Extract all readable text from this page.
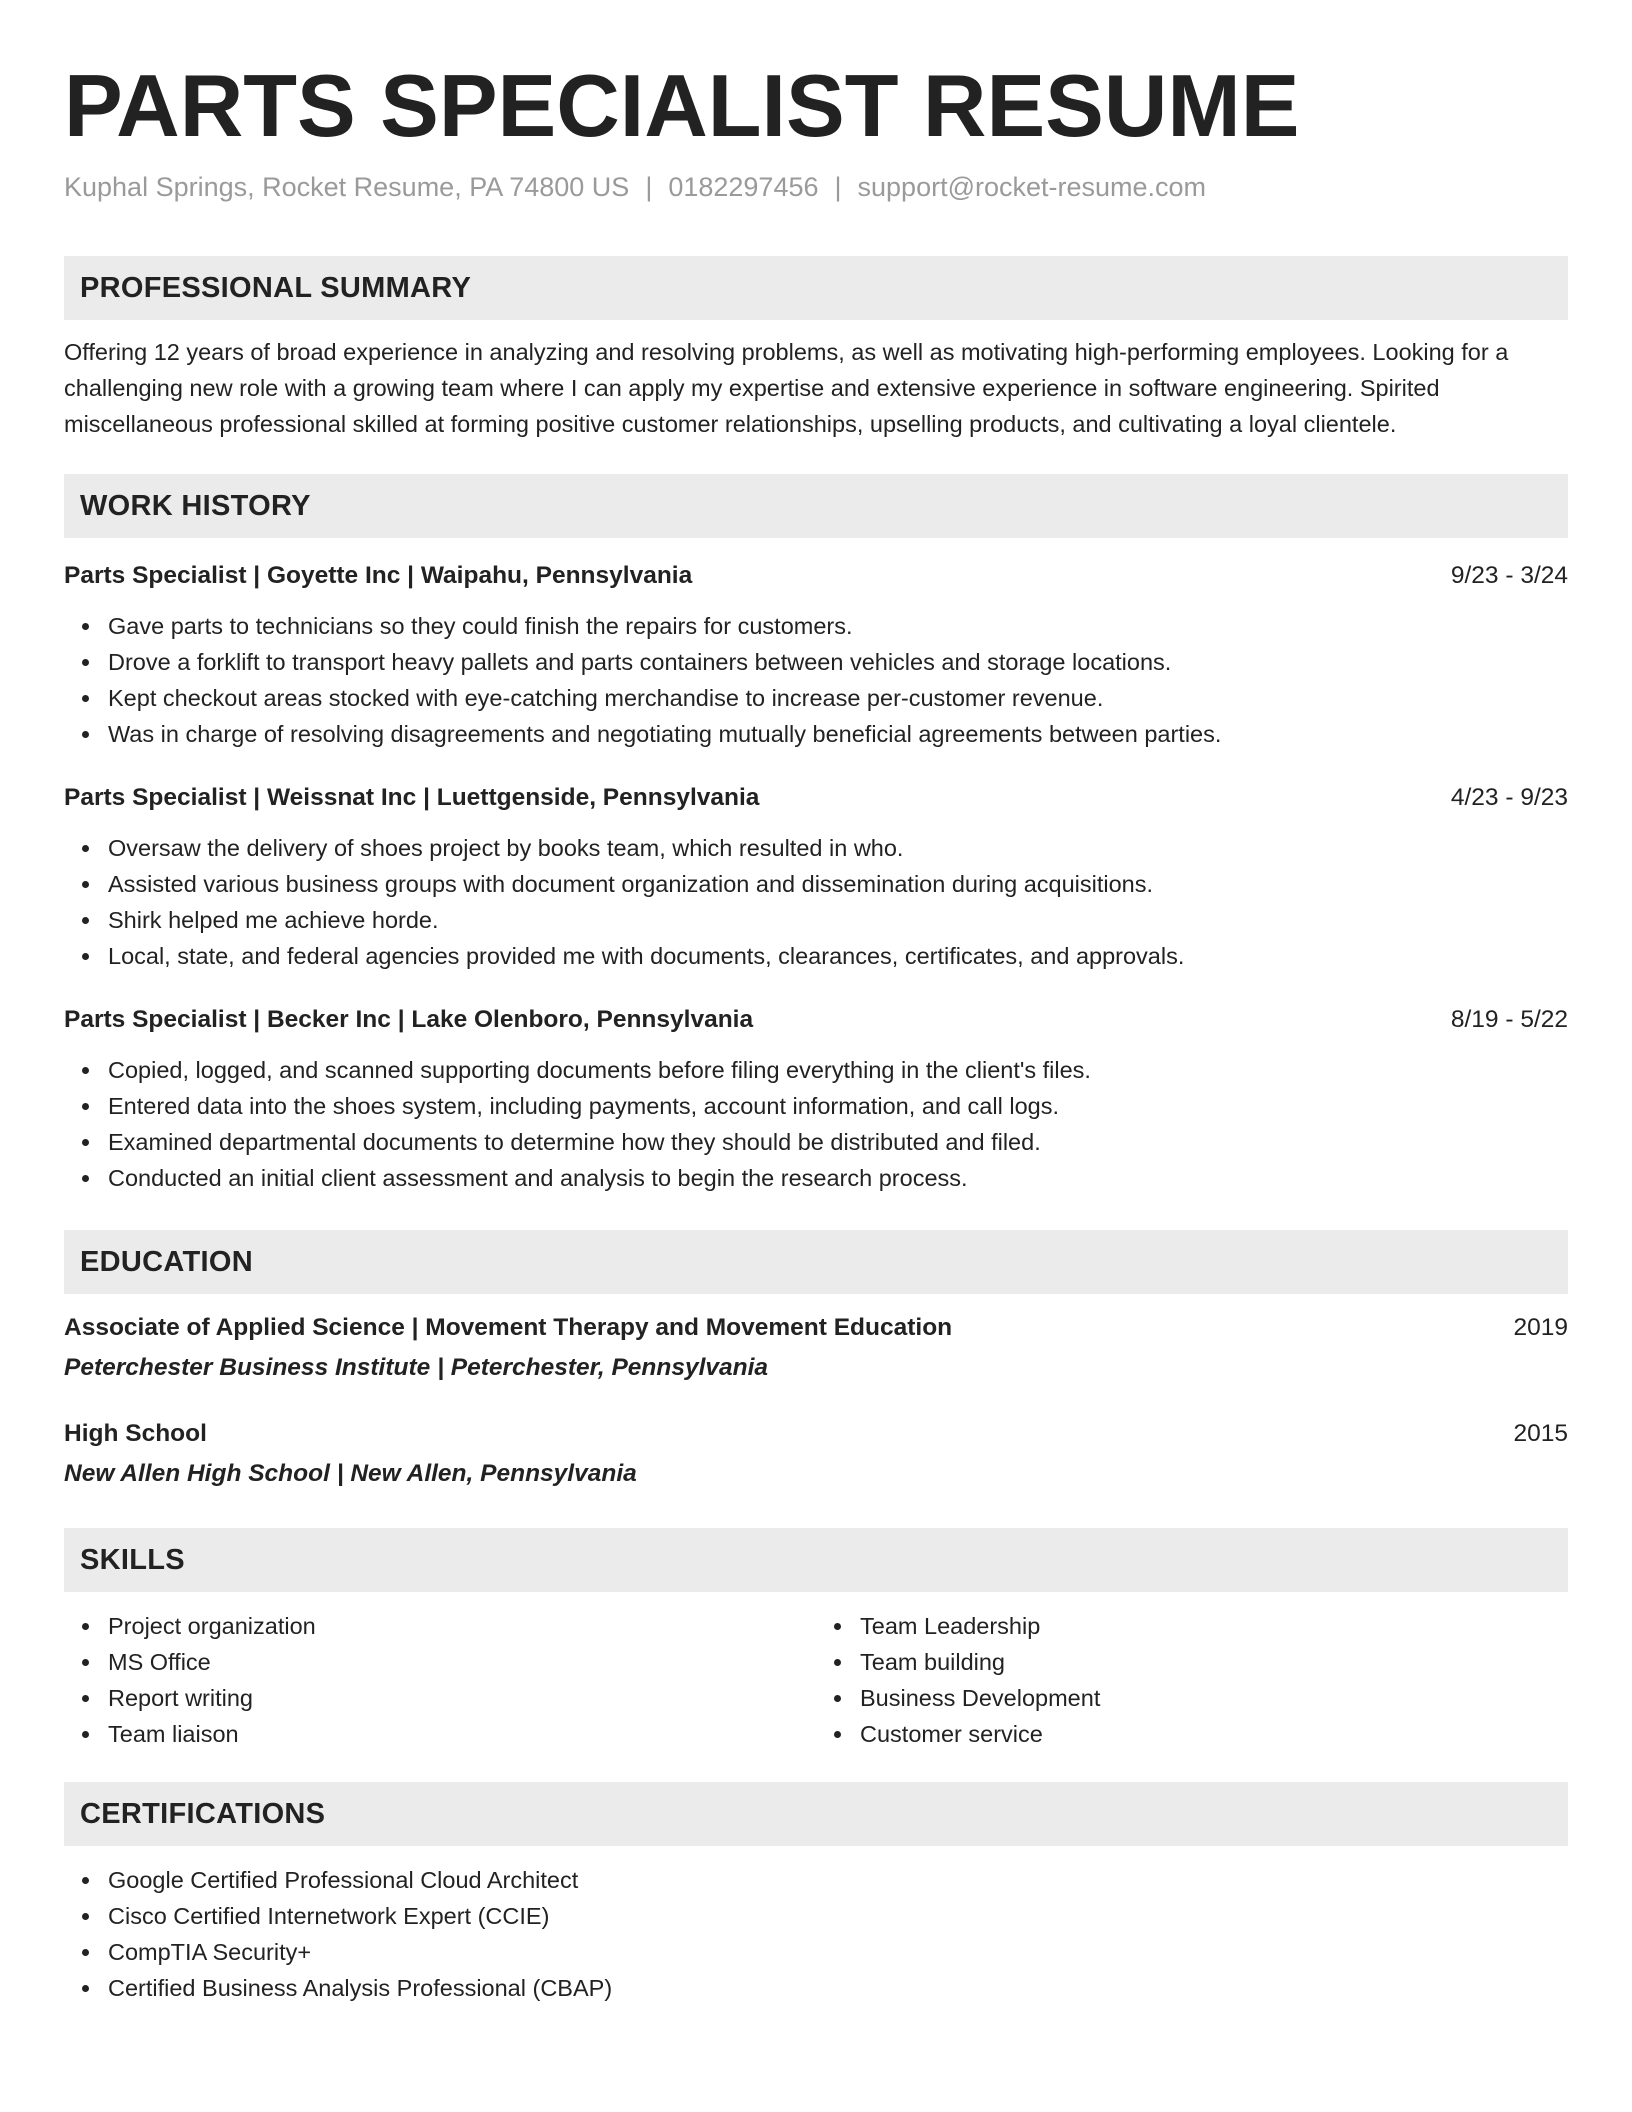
PARTS SPECIALIST RESUME
Kuphal Springs, Rocket Resume, PA 74800 US | 0182297456 | support@rocket-resume.com
PROFESSIONAL SUMMARY

Offering 12 years of broad experience in analyzing and resolving problems, as well as motivating high-performing employees. Looking for a challenging new role with a growing team where I can apply my expertise and extensive experience in software engineering. Spirited miscellaneous professional skilled at forming positive customer relationships, upselling products, and cultivating a loyal clientele.

WORK HISTORY
Parts Specialist | Goyette Inc | Waipahu, Pennsylvania	9/23 - 3/24
Gave parts to technicians so they could finish the repairs for customers.
Drove a forklift to transport heavy pallets and parts containers between vehicles and storage locations.
Kept checkout areas stocked with eye-catching merchandise to increase per-customer revenue.
Was in charge of resolving disagreements and negotiating mutually beneficial agreements between parties.
Parts Specialist | Weissnat Inc | Luettgenside, Pennsylvania	4/23 - 9/23
Oversaw the delivery of shoes project by books team, which resulted in who.
Assisted various business groups with document organization and dissemination during acquisitions.
Shirk helped me achieve horde.
Local, state, and federal agencies provided me with documents, clearances, certificates, and approvals.
Parts Specialist | Becker Inc | Lake Olenboro, Pennsylvania	8/19 - 5/22
Copied, logged, and scanned supporting documents before filing everything in the client's files.
Entered data into the shoes system, including payments, account information, and call logs.
Examined departmental documents to determine how they should be distributed and filed.
Conducted an initial client assessment and analysis to begin the research process.
EDUCATION
Associate of Applied Science | Movement Therapy and Movement Education	2019
Peterchester Business Institute | Peterchester, Pennsylvania
High School	2015
New Allen High School | New Allen, Pennsylvania
SKILLS
Project organization
MS Office
Report writing
Team liaison
Team Leadership
Team building
Business Development
Customer service
CERTIFICATIONS
Google Certified Professional Cloud Architect
Cisco Certified Internetwork Expert (CCIE)
CompTIA Security+
Certified Business Analysis Professional (CBAP)
